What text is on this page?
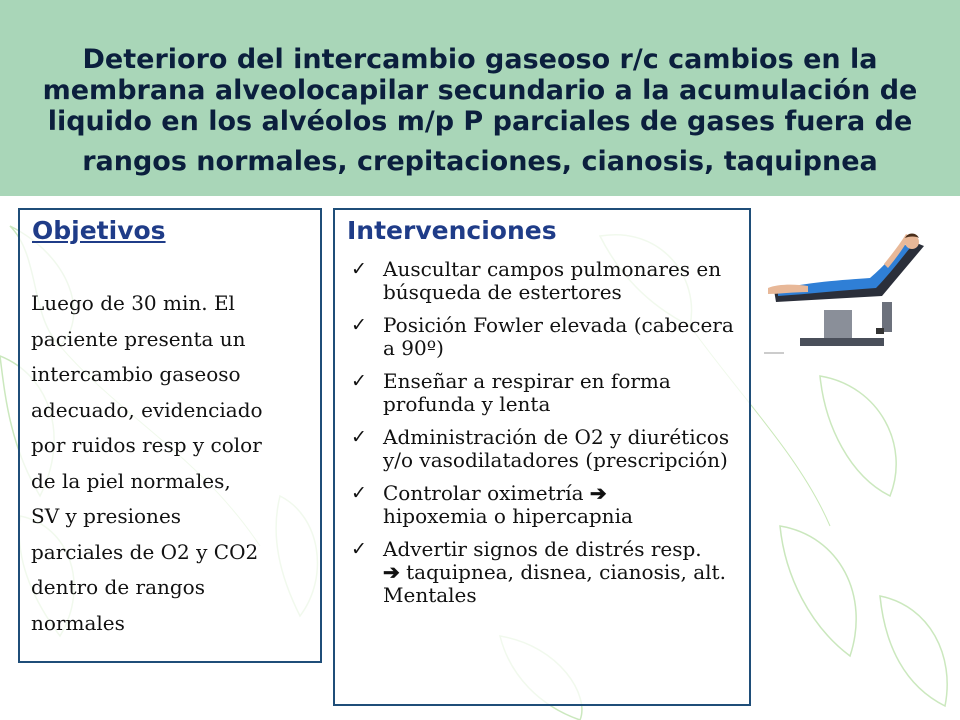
Deterioro del intercambio gaseoso r/c cambios en la
membrana alveolocapilar secundario a la acumulación de
liquido en los alvéolos m/p P parciales de gases fuera de
rangos normales, crepitaciones, cianosis, taquipnea
Objetivos
Luego de 30 min. El
paciente presenta un
intercambio gaseoso
adecuado, evidenciado
por ruidos resp y color
de la piel normales,
SV y presiones
parciales de O2 y CO2
dentro de rangos
normales
Intervenciones
✓ Auscultar campos pulmonares en búsqueda de estertores
✓ Posición Fowler elevada (cabecera a 90º)
✓ Enseñar a respirar en forma profunda y lenta
✓ Administración de O2 y diuréticos y/o vasodilatadores (prescripción)
✓ Controlar oximetría ➔
hipoxemia o hipercapnia
✓ Advertir signos de distrés resp.
➔ taquipnea, disnea, cianosis, alt. Mentales
